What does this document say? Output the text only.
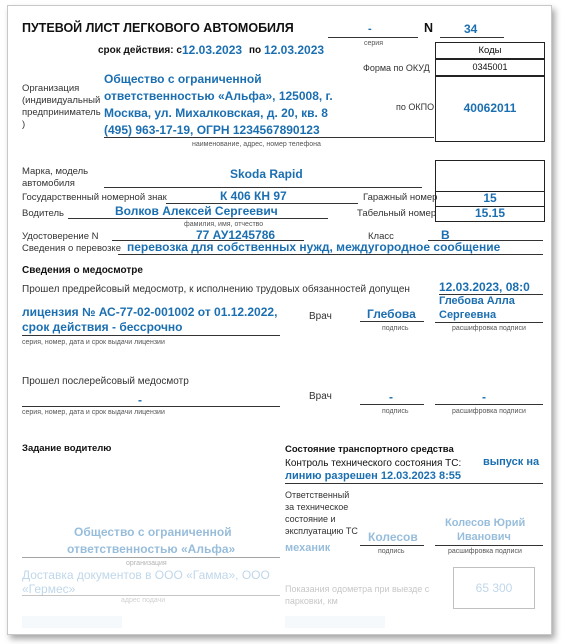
ПУТЕВОЙ ЛИСТ ЛЕГКОВОГО АВТОМОБИЛЯ	-
серия
N	34
срок действия: с 12.03.2023 по 12.03.2023	Коды
Форма по ОКУД	0345001
40062011
по ОКПО
Организация
(индивидуальный
предприниматель
)
Общество с ограниченной
ответственностью «Альфа», 125008, г.
Москва, ул. Михалковская, д. 20, кв. 8
(495) 963-17-19, ОГРН 1234567890123
наименование, адрес, номер телефона
Марка, модель
автомобиля
Skoda Rapid
Государственный номерной знак	К 406 КН 97	Гаражный номер	15
Водитель	Волков Алексей Сергеевич	Табельный номер	15.15
фамилия, имя, отчество
Удостоверение N	77 АУ1245786	Класс	В
Сведения о перевозке перевозка для собственных нужд, междугородное сообщение
Сведения о медосмотре
Прошел предрейсовый медосмотр, к исполнению трудовых обязанностей допущен 12.03.2023, 08:0
лицензия № АС-77-02-001002 от 01.12.2022,
срок действия - бессрочно
серия, номер, дата и срок выдачи лицензии
Врач	Глебова
подпись
Глебова Алла
Сергеевна
расшифровка подписи
Прошел послерейсовый медосмотр
-
серия, номер, дата и срок выдачи лицензии
Врач	-
подпись
-
расшифровка подписи
Задание водителю
Общество с ограниченной
ответственностью «Альфа»
организация
Доставка документов в ООО «Гамма», ООО
«Гермес»
адрес подачи
Состояние транспортного средства
Контроль технического состояния ТС: выпуск на
линию разрешен 12.03.2023 8:55
Ответственный
за техническое
состояние и
эксплуатацию ТС
механик
Колесов
подпись
Колесов Юрий
Иванович
расшифровка подписи
Показания одометра при выезде с
парковки, км
65 300
